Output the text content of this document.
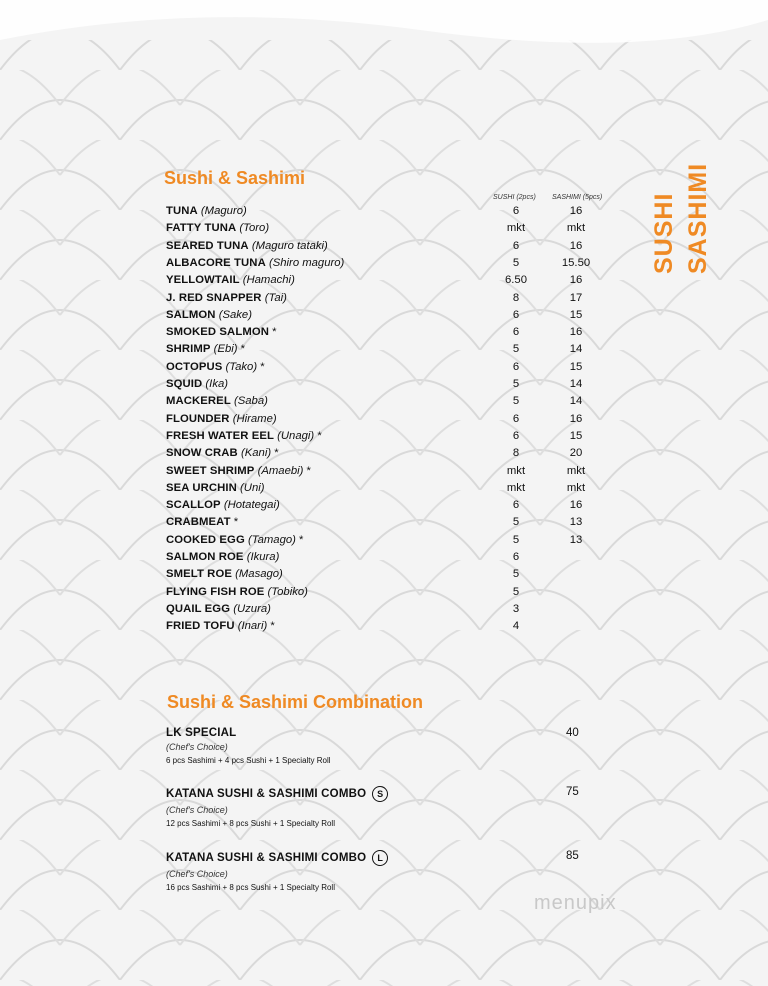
Sushi & Sashimi
SUSHI SASHIMI
SUSHI (2pcs) SASHIMI (5pcs)
TUNA (Maguro)	6	16
FATTY TUNA (Toro)	mkt	mkt
SEARED TUNA (Maguro tataki)	6	16
ALBACORE TUNA (Shiro maguro)	5	15.50
YELLOWTAIL (Hamachi)	6.50	16
J. RED SNAPPER (Tai)	8	17
SALMON (Sake)	6	15
SMOKED SALMON *	6	16
SHRIMP (Ebi) *	5	14
OCTOPUS (Tako) *	6	15
SQUID (Ika)	5	14
MACKEREL (Saba)	5	14
FLOUNDER (Hirame)	6	16
FRESH WATER EEL (Unagi) *	6	15
SNOW CRAB (Kani) *	8	20
SWEET SHRIMP (Amaebi) *	mkt	mkt
SEA URCHIN (Uni)	mkt	mkt
SCALLOP (Hotategai)	6	16
CRABMEAT *	5	13
COOKED EGG (Tamago) *	5	13
SALMON ROE (Ikura)	6
SMELT ROE (Masago)	5
FLYING FISH ROE (Tobiko)	5
QUAIL EGG (Uzura)	3
FRIED TOFU (Inari) *	4
Sushi & Sashimi Combination
LK SPECIAL
(Chef's Choice)
6 pcs Sashimi + 4 pcs Sushi + 1 Specialty Roll
40
KATANA SUSHI & SASHIMI COMBO	S
(Chef's Choice)
12 pcs Sashimi + 8 pcs Sushi + 1 Specialty Roll
75
KATANA SUSHI & SASHIMI COMBO	L
(Chef's Choice)
16 pcs Sashimi + 8 pcs Sushi + 1 Specialty Roll
85
menupix
